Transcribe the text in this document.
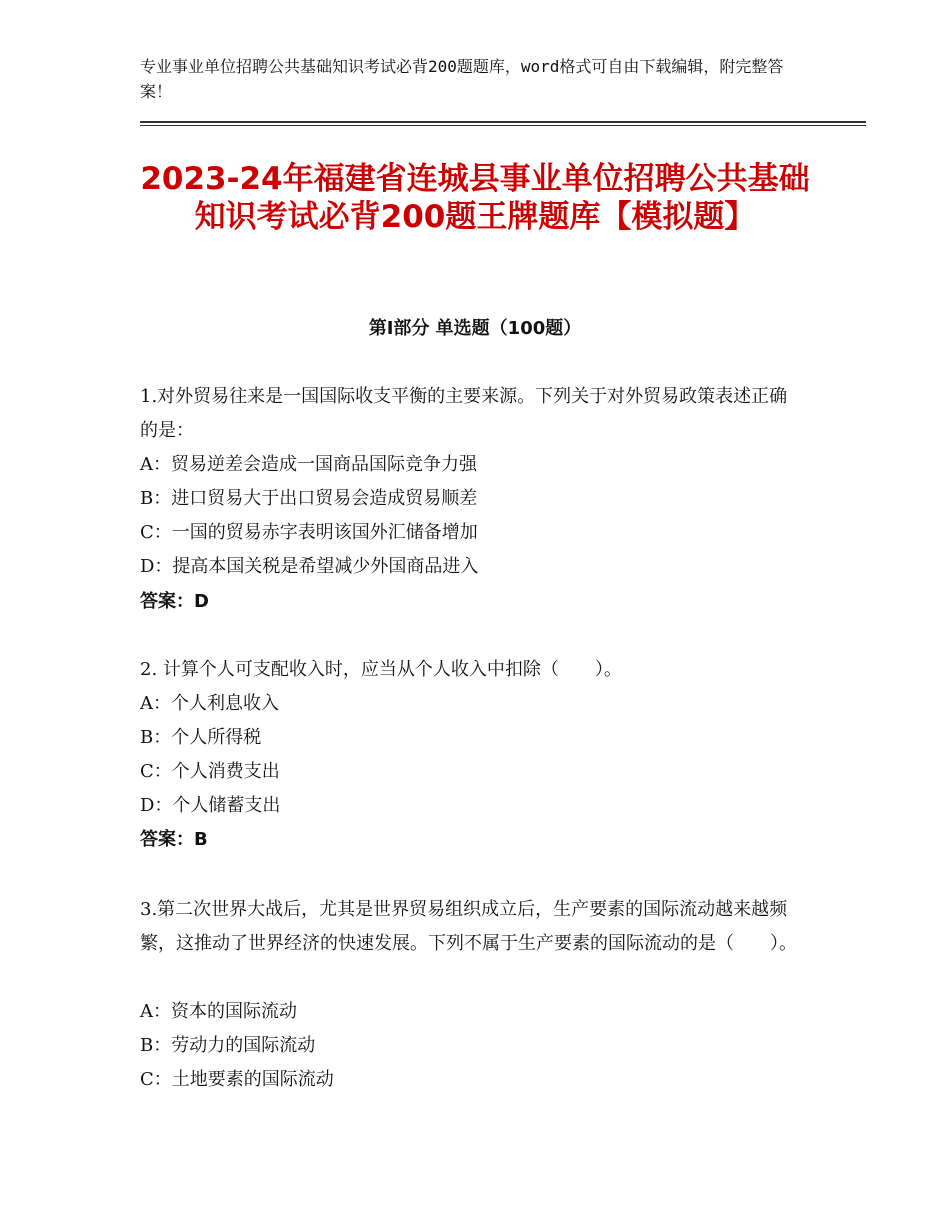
专业事业单位招聘公共基础知识考试必背200题题库，word格式可自由下载编辑，附完整答案！
2023-24年福建省连城县事业单位招聘公共基础知识考试必背200题王牌题库【模拟题】
第Ⅰ部分 单选题（100题）
1.对外贸易往来是一国国际收支平衡的主要来源。下列关于对外贸易政策表述正确的是：
A：贸易逆差会造成一国商品国际竞争力强
B：进口贸易大于出口贸易会造成贸易顺差
C：一国的贸易赤字表明该国外汇储备增加
D：提高本国关税是希望减少外国商品进入
答案：D
2. 计算个人可支配收入时，应当从个人收入中扣除（　　）。
A：个人利息收入
B：个人所得税
C：个人消费支出
D：个人储蓄支出
答案：B
3.第二次世界大战后，尤其是世界贸易组织成立后，生产要素的国际流动越来越频繁，这推动了世界经济的快速发展。下列不属于生产要素的国际流动的是（　　）。
A：资本的国际流动
B：劳动力的国际流动
C：土地要素的国际流动
